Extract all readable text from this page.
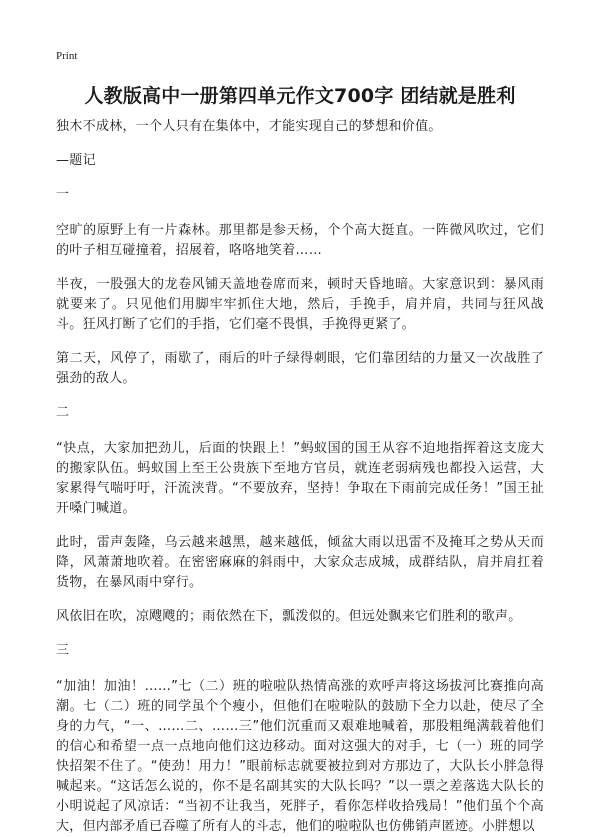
Print
人教版高中一册第四单元作文700字 团结就是胜利

独木不成林，一个人只有在集体中，才能实现自己的梦想和价值。

—题记

一

空旷的原野上有一片森林。那里都是参天杨，个个高大挺直。一阵微风吹过，它们的叶子相互碰撞着，招展着，咯咯地笑着……

半夜，一股强大的龙卷风铺天盖地卷席而来，顿时天昏地暗。大家意识到：暴风雨就要来了。只见他们用脚牢牢抓住大地，然后，手挽手，肩并肩，共同与狂风战斗。狂风打断了它们的手指，它们毫不畏惧，手挽得更紧了。

第二天，风停了，雨歇了，雨后的叶子绿得刺眼，它们靠团结的力量又一次战胜了强劲的敌人。

二

“快点，大家加把劲儿，后面的快跟上！”蚂蚁国的国王从容不迫地指挥着这支庞大的搬家队伍。蚂蚁国上至王公贵族下至地方官员，就连老弱病残也都投入运营，大家累得气喘吁吁，汗流浃背。“不要放弃，坚持！争取在下雨前完成任务！”国王扯开嗓门喊道。

此时，雷声轰隆，乌云越来越黑，越来越低，倾盆大雨以迅雷不及掩耳之势从天而降，风萧萧地吹着。在密密麻麻的斜雨中，大家众志成城，成群结队，肩并肩扛着货物，在暴风雨中穿行。

风依旧在吹，凉飕飕的；雨依然在下，瓢泼似的。但远处飘来它们胜利的歌声。

三

“加油！加油！……”七（二）班的啦啦队热情高涨的欢呼声将这场拔河比赛推向高潮。七（二）班的同学虽个个瘦小，但他们在啦啦队的鼓励下全力以赴，使尽了全身的力气，“一、……二、……三”他们沉重而又艰难地喊着，那股粗绳满载着他们的信心和希望一点一点地向他们这边移动。面对这强大的对手，七（一）班的同学快招架不住了。“使劲！用力！”眼前标志就要被拉到对方那边了，大队长小胖急得喊起来。“这话怎么说的，你不是名副其实的大队长吗？”以一票之差落选大队长的小明说起了风凉话：“当初不让我当，死胖子，看你怎样收拾残局！”他们虽个个高大，但内部矛盾已吞噬了所有人的斗志，他们的啦啦队也仿佛销声匿迹。小胖想以
